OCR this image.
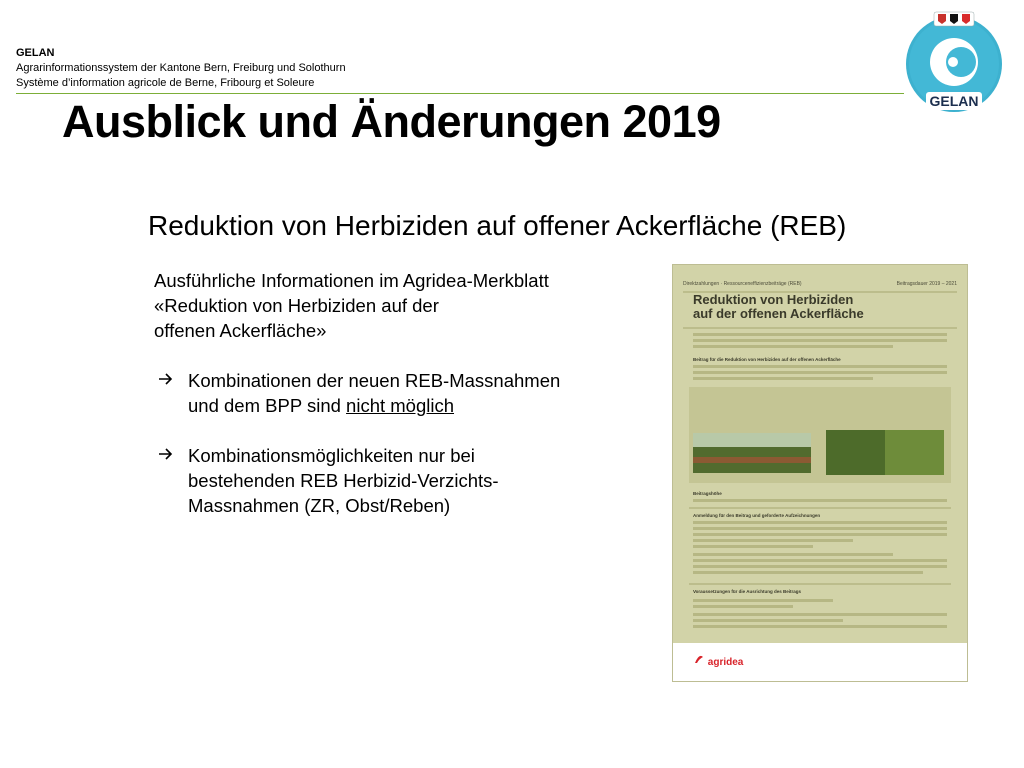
GELAN
Agrarinformationssystem der Kantone Bern, Freiburg und Solothurn
Système d’information agricole de Berne, Fribourg et Soleure
GELAN
Ausblick und Änderungen 2019
Reduktion von Herbiziden auf offener Ackerfläche (REB)

Ausführliche Informationen im Agridea-Merkblatt

«Reduktion von Herbiziden auf der

offenen Ackerfläche»

Kombinationen der neuen REB-Massnahmen

und dem BPP sind nicht möglich

Kombinationsmöglichkeiten nur bei

bestehenden REB Herbizid-Verzichts-

Massnahmen (ZR, Obst/Reben)

Direktzahlungen · Ressourceneffizienzbeiträge (REB)	Beitragsdauer 2019 – 2021
Reduktion von Herbiziden
auf der offenen Ackerfläche
Beitrag für die Reduktion von Herbiziden auf der offenen Ackerfläche
Beitragshöhe
Anmeldung für den Beitrag und geforderte Aufzeichnungen
Voraussetzungen für die Ausrichtung des Beitrags
agridea
